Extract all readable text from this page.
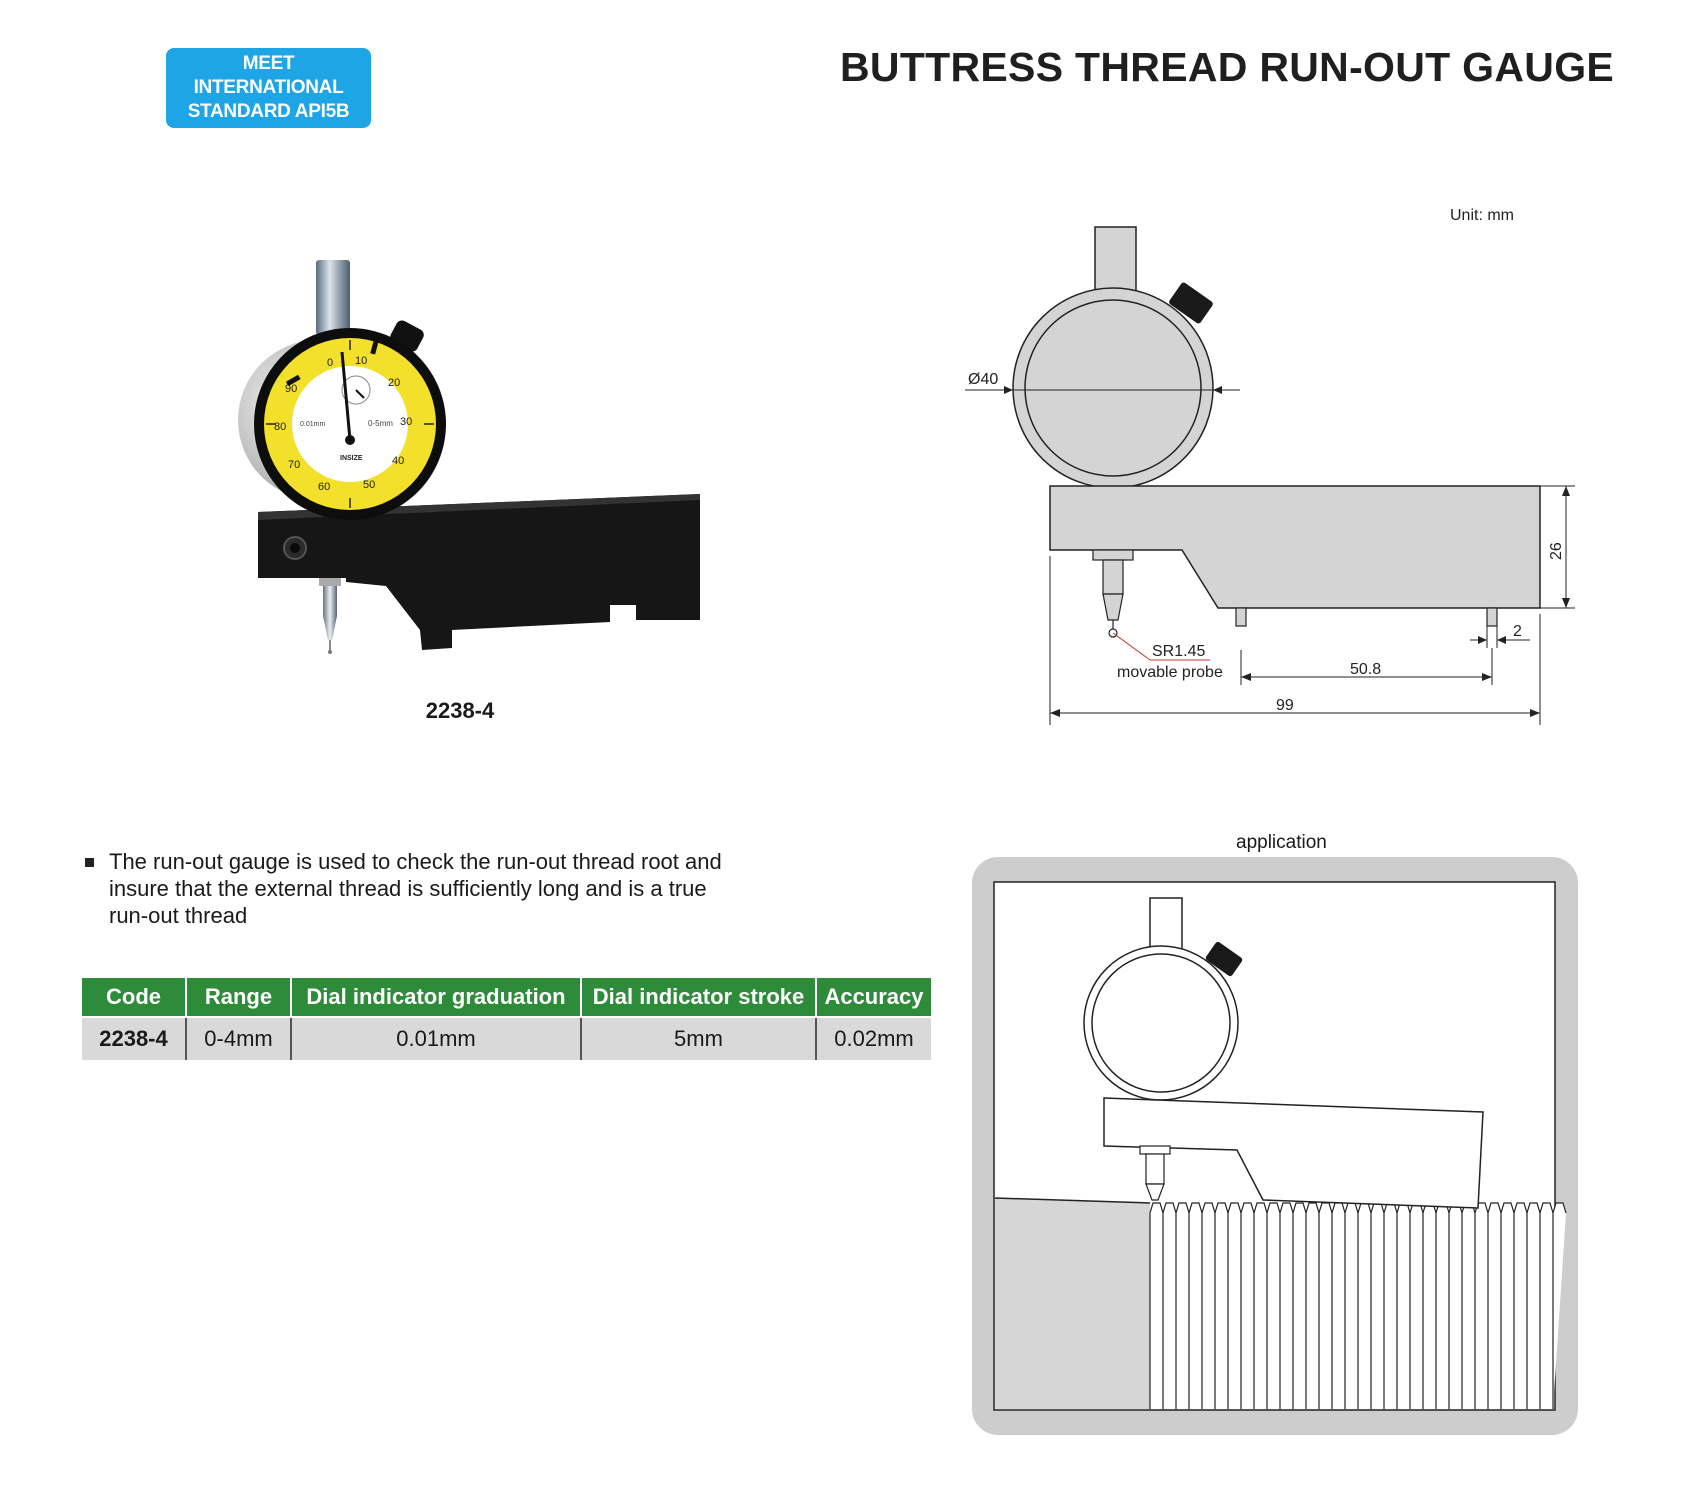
MEET INTERNATIONAL
STANDARD API5B
BUTTRESS THREAD RUN-OUT GAUGE
0 10
20
30
40
50
60
70
80
90
0.01mm	0-5mm
INSIZE
2238-4
Unit: mm
Ø40
26
SR1.45
movable probe
2
50.8
99
application
The run-out gauge is used to check the run-out thread root and insure that the external thread is sufficiently long and is a true run-out thread
Code	Range	Dial indicator graduation	Dial indicator stroke	Accuracy
2238-4	0-4mm	0.01mm	5mm	0.02mm
